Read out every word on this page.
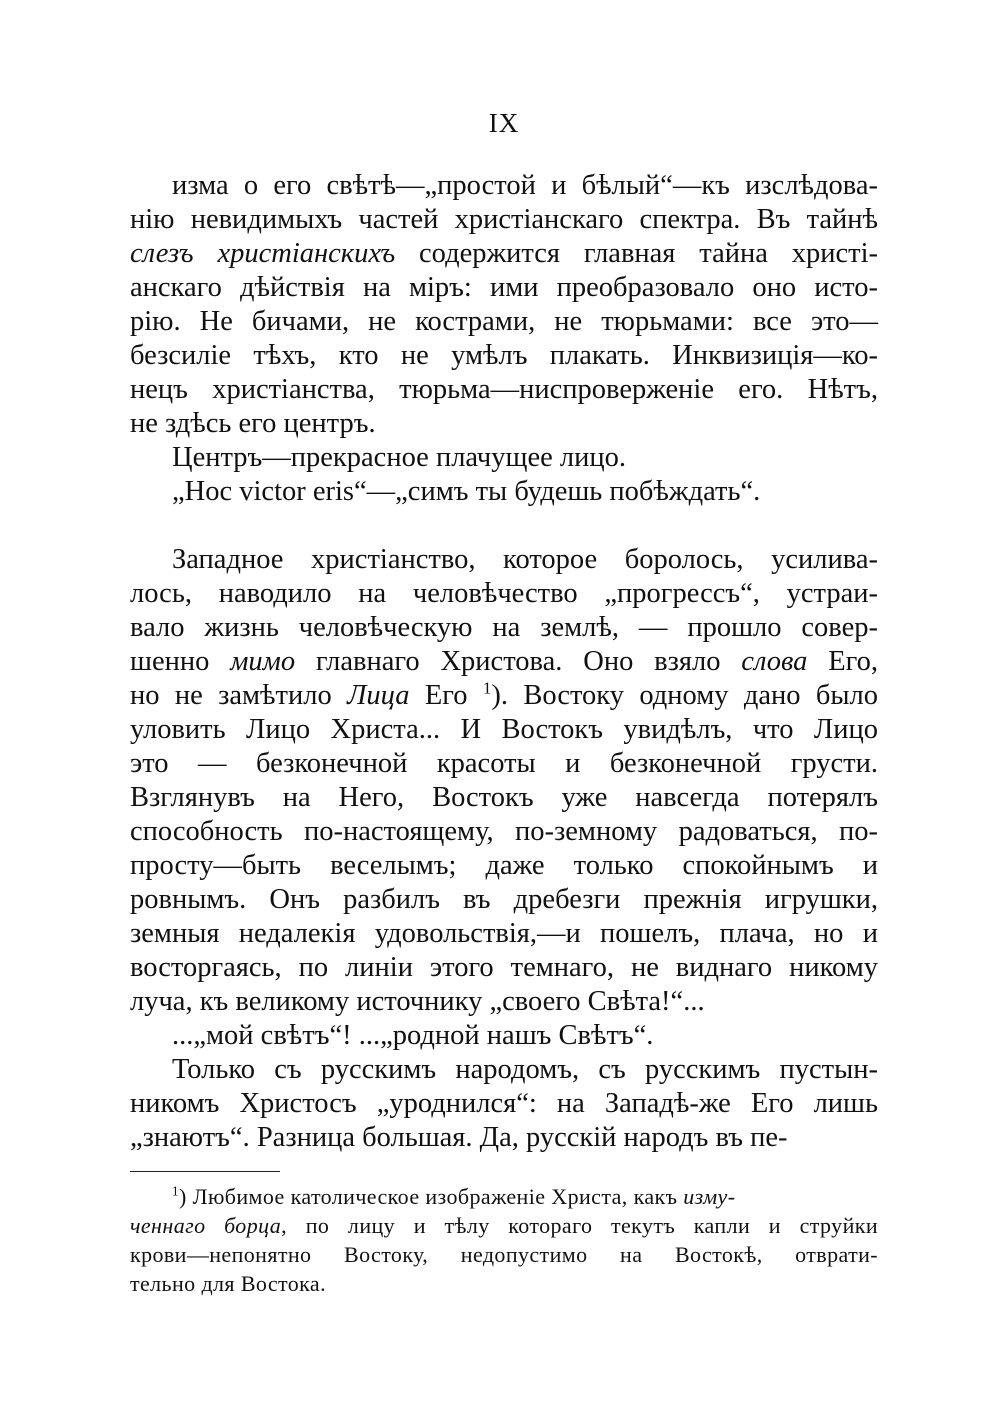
IX
изма о его свѣтѣ—„простой и бѣлый“—къ изслѣдова-
нію невидимыхъ частей христіанскаго спектра. Въ тайнѣ
слезъ христіанскихъ содержится главная тайна христі-
анскаго дѣйствія на міръ: ими преобразовало оно исто-
рію. Не бичами, не кострами, не тюрьмами: все это—
безсиліе тѣхъ, кто не умѣлъ плакать. Инквизиція—ко-
нецъ христіанства, тюрьма—ниспроверженіе его. Нѣтъ,
не здѣсь его центръ.
Центръ—прекрасное плачущее лицо.
„Hoc victor eris“—„симъ ты будешь побѣждать“.
Западное христіанство, которое боролось, усилива-
лось, наводило на человѣчество „прогрессъ“, устраи-
вало жизнь человѣческую на землѣ, — прошло совер-
шенно мимо главнаго Христова. Оно взяло слова Его,
но не замѣтило Лица Его $^1$). Востоку одному дано было
уловить Лицо Христа... И Востокъ увидѣлъ, что Лицо
это — безконечной красоты и безконечной грусти.
Взглянувъ на Него, Востокъ уже навсегда потерялъ
способность по-настоящему, по-земному радоваться, по-
просту—быть веселымъ; даже только спокойнымъ и
ровнымъ. Онъ разбилъ въ дребезги прежнія игрушки,
земныя недалекія удовольствія,—и пошелъ, плача, но и
восторгаясь, по линіи этого темнаго, не виднаго никому
луча, къ великому источнику „своего Свѣта!“...
...„мой свѣтъ“! ...„родной нашъ Свѣтъ“.
Только съ русскимъ народомъ, съ русскимъ пустын-
никомъ Христосъ „уроднился“: на Западѣ-же Его лишь
„знаютъ“. Разница большая. Да, русскій народъ въ пе-
$^1$) Любимое католическое изображеніе Христа, какъ изму-
ченнаго борца, по лицу и тѣлу котораго текутъ капли и струйки
крови—непонятно Востоку, недопустимо на Востокѣ, отврати-
тельно для Востока.
